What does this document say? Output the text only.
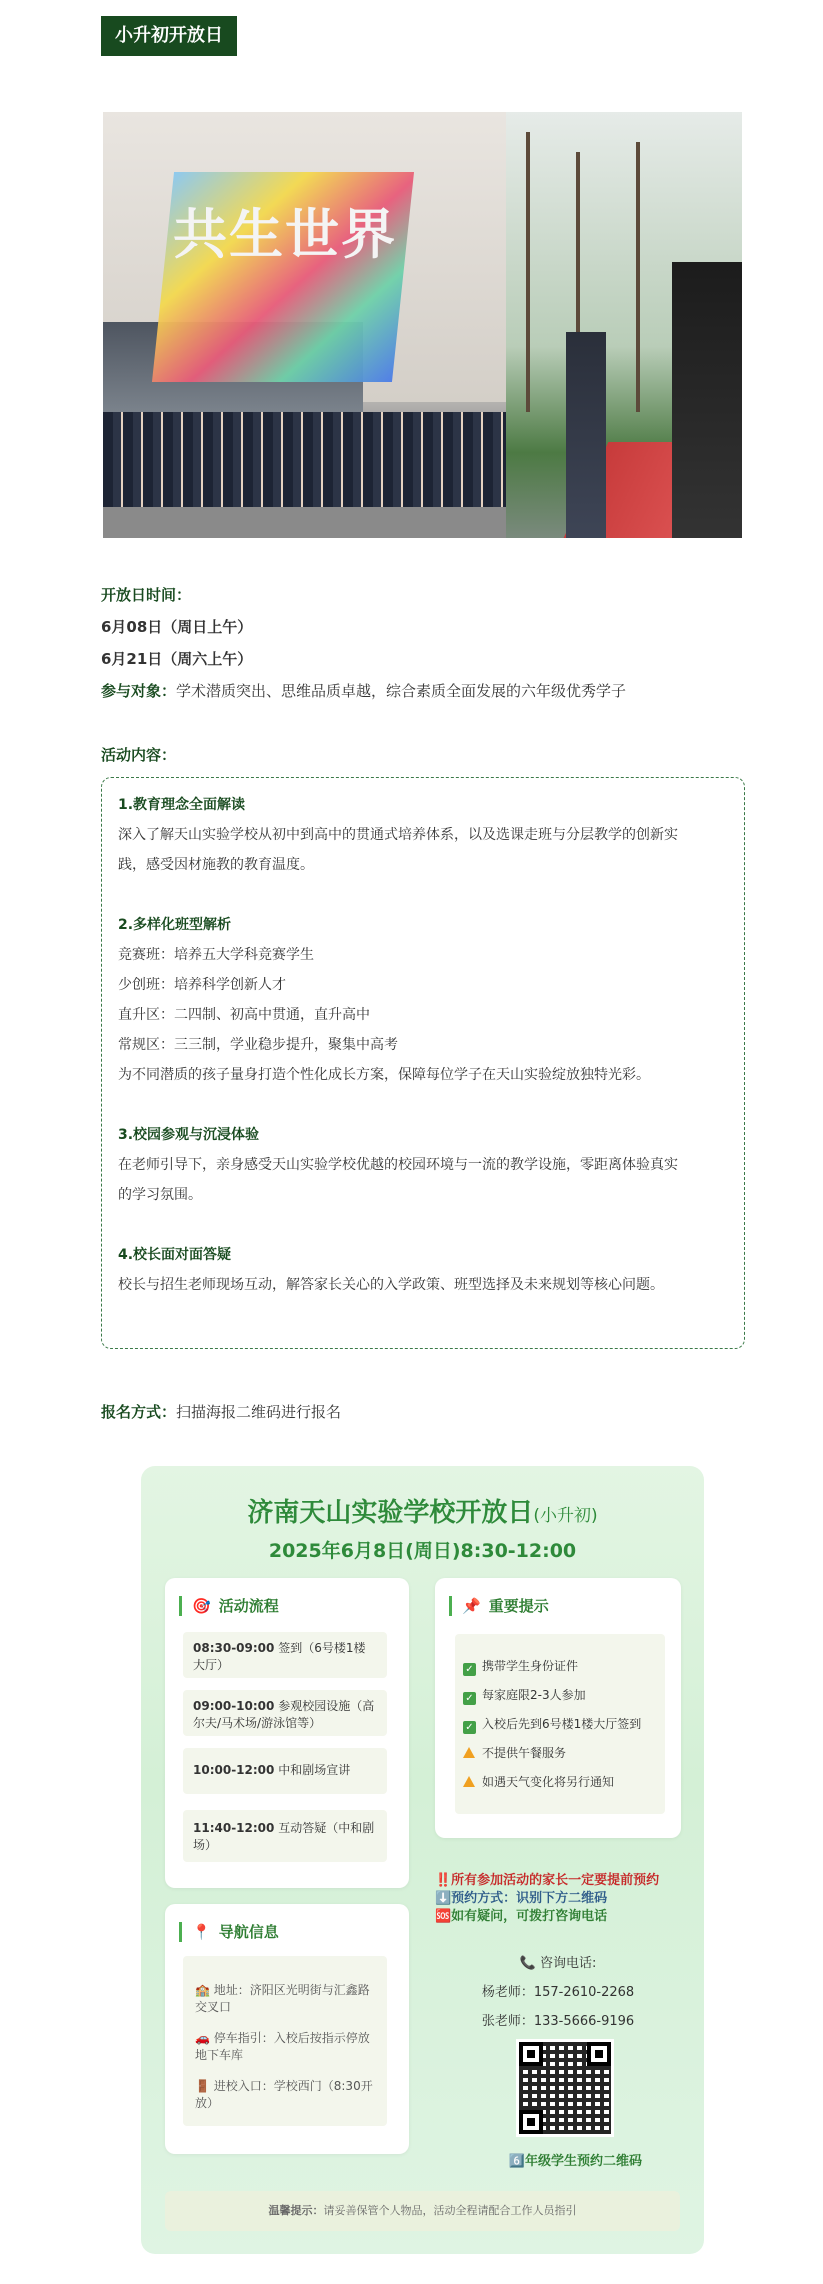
小升初开放日
共生世界
开放日时间：
6月08日（周日上午）
6月21日（周六上午）
参与对象：学术潜质突出、思维品质卓越，综合素质全面发展的六年级优秀学子
活动内容：
1.教育理念全面解读
深入了解天山实验学校从初中到高中的贯通式培养体系，以及选课走班与分层教学的创新实
践，感受因材施教的教育温度。
2.多样化班型解析
竞赛班：培养五大学科竞赛学生
少创班：培养科学创新人才
直升区：二四制、初高中贯通，直升高中
常规区：三三制，学业稳步提升，聚集中高考
为不同潜质的孩子量身打造个性化成长方案，保障每位学子在天山实验绽放独特光彩。
3.校园参观与沉浸体验
在老师引导下，亲身感受天山实验学校优越的校园环境与一流的教学设施，零距离体验真实
的学习氛围。
4.校长面对面答疑
校长与招生老师现场互动，解答家长关心的入学政策、班型选择及未来规划等核心问题。
报名方式：扫描海报二维码进行报名
济南天山实验学校开放日(小升初)
2025年6月8日(周日)8:30-12:00
🎯 活动流程
08:30-09:00 签到（6号楼1楼大厅）
09:00-10:00 参观校园设施（高尔夫/马术场/游泳馆等）
10:00-12:00 中和剧场宣讲
11:40-12:00 互动答疑（中和剧场）
📌 重要提示
✓ 携带学生身份证件
✓ 每家庭限2-3人参加
✓ 入校后先到6号楼1楼大厅签到
不提供午餐服务
如遇天气变化将另行通知
📍 导航信息
🏫 地址：济阳区光明街与汇鑫路交叉口
🚗 停车指引：入校后按指示停放地下车库
🚪 进校入口：学校西门（8:30开放）
‼️所有参加活动的家长一定要提前预约
⬇️预约方式：识别下方二维码
🆘如有疑问，可拨打咨询电话
📞 咨询电话:
杨老师：157-2610-2268
张老师：133-5666-9196
6️⃣年级学生预约二维码
温馨提示：请妥善保管个人物品，活动全程请配合工作人员指引
